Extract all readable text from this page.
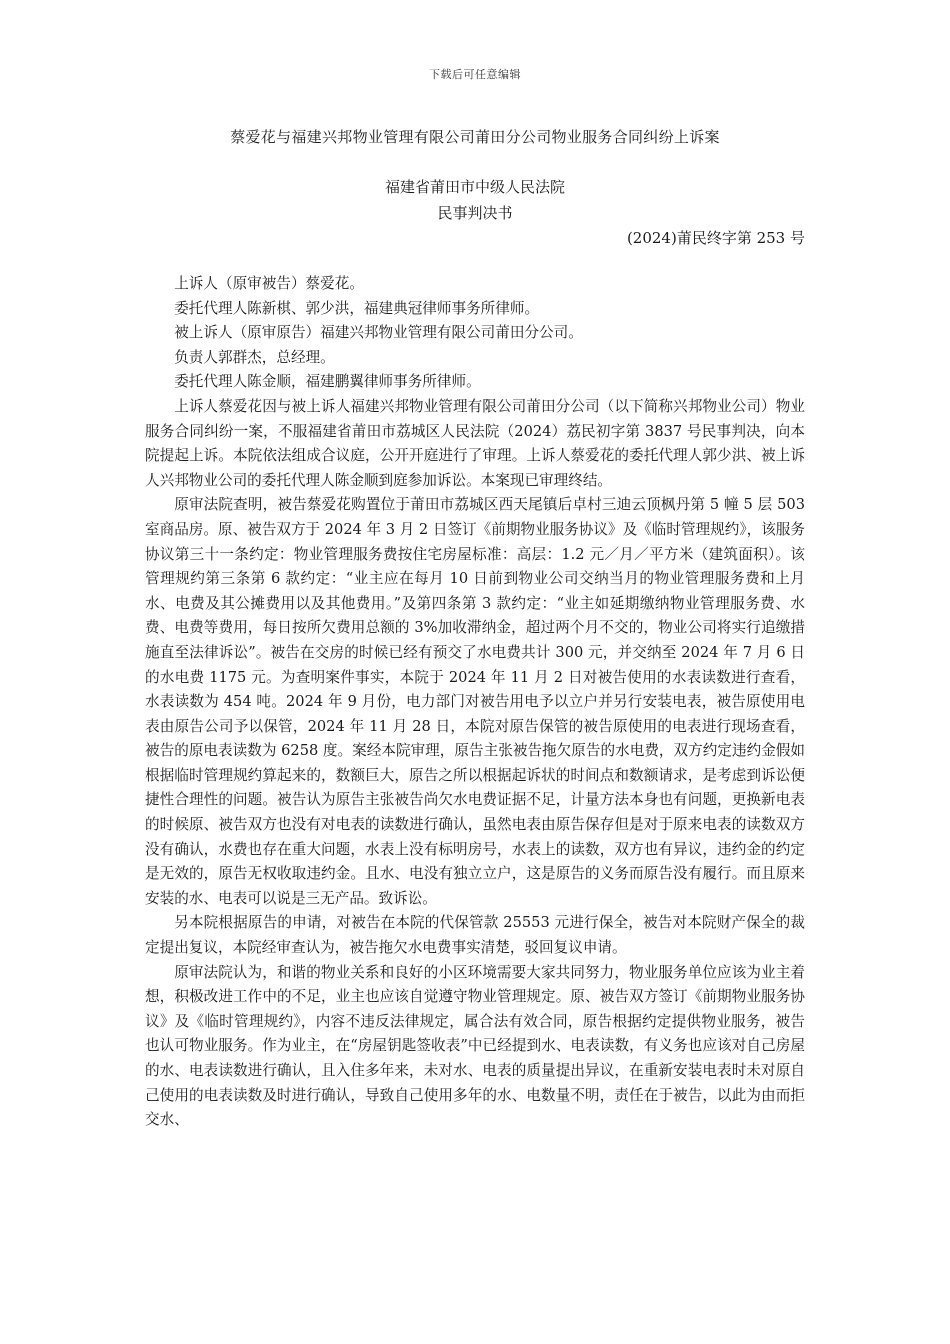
下载后可任意编辑
蔡爱花与福建兴邦物业管理有限公司莆田分公司物业服务合同纠纷上诉案
福建省莆田市中级人民法院
民事判决书
(2024)莆民终字第 253 号

上诉人（原审被告）蔡爱花。

委托代理人陈新棋、郭少洪，福建典冠律师事务所律师。

被上诉人（原审原告）福建兴邦物业管理有限公司莆田分公司。

负责人郭群杰，总经理。

委托代理人陈金顺，福建鹏翼律师事务所律师。

上诉人蔡爱花因与被上诉人福建兴邦物业管理有限公司莆田分公司（以下简称兴邦物业公司）物业服务合同纠纷一案，不服福建省莆田市荔城区人民法院（2024）荔民初字第 3837 号民事判决，向本院提起上诉。本院依法组成合议庭，公开开庭进行了审理。上诉人蔡爱花的委托代理人郭少洪、被上诉人兴邦物业公司的委托代理人陈金顺到庭参加诉讼。本案现已审理终结。

原审法院查明，被告蔡爱花购置位于莆田市荔城区西天尾镇后卓村三迪云顶枫丹第 5 幢 5 层 503 室商品房。原、被告双方于 2024 年 3 月 2 日签订《前期物业服务协议》及《临时管理规约》，该服务协议第三十一条约定：物业管理服务费按住宅房屋标准：高层：1.2 元／月／平方米（建筑面积）。该管理规约第三条第 6 款约定：“业主应在每月 10 日前到物业公司交纳当月的物业管理服务费和上月水、电费及其公摊费用以及其他费用。”及第四条第 3 款约定：“业主如延期缴纳物业管理服务费、水费、电费等费用，每日按所欠费用总额的 3%加收滞纳金，超过两个月不交的，物业公司将实行追缴措施直至法律诉讼”。被告在交房的时候已经有预交了水电费共计 300 元，并交纳至 2024 年 7 月 6 日的水电费 1175 元。为查明案件事实，本院于 2024 年 11 月 2 日对被告使用的水表读数进行查看，水表读数为 454 吨。2024 年 9 月份，电力部门对被告用电予以立户并另行安装电表，被告原使用电表由原告公司予以保管，2024 年 11 月 28 日，本院对原告保管的被告原使用的电表进行现场查看，被告的原电表读数为 6258 度。案经本院审理，原告主张被告拖欠原告的水电费，双方约定违约金假如根据临时管理规约算起来的，数额巨大，原告之所以根据起诉状的时间点和数额请求，是考虑到诉讼便捷性合理性的问题。被告认为原告主张被告尚欠水电费证据不足，计量方法本身也有问题，更换新电表的时候原、被告双方也没有对电表的读数进行确认，虽然电表由原告保存但是对于原来电表的读数双方没有确认，水费也存在重大问题，水表上没有标明房号，水表上的读数，双方也有异议，违约金的约定是无效的，原告无权收取违约金。且水、电没有独立立户，这是原告的义务而原告没有履行。而且原来安装的水、电表可以说是三无产品。致诉讼。

另本院根据原告的申请，对被告在本院的代保管款 25553 元进行保全，被告对本院财产保全的裁定提出复议，本院经审查认为，被告拖欠水电费事实清楚，驳回复议申请。

原审法院认为，和谐的物业关系和良好的小区环境需要大家共同努力，物业服务单位应该为业主着想，积极改进工作中的不足，业主也应该自觉遵守物业管理规定。原、被告双方签订《前期物业服务协议》及《临时管理规约》，内容不违反法律规定，属合法有效合同，原告根据约定提供物业服务，被告也认可物业服务。作为业主，在“房屋钥匙签收表”中已经提到水、电表读数，有义务也应该对自己房屋的水、电表读数进行确认，且入住多年来，未对水、电表的质量提出异议，在重新安装电表时未对原自己使用的电表读数及时进行确认，导致自己使用多年的水、电数量不明，责任在于被告，以此为由而拒交水、
